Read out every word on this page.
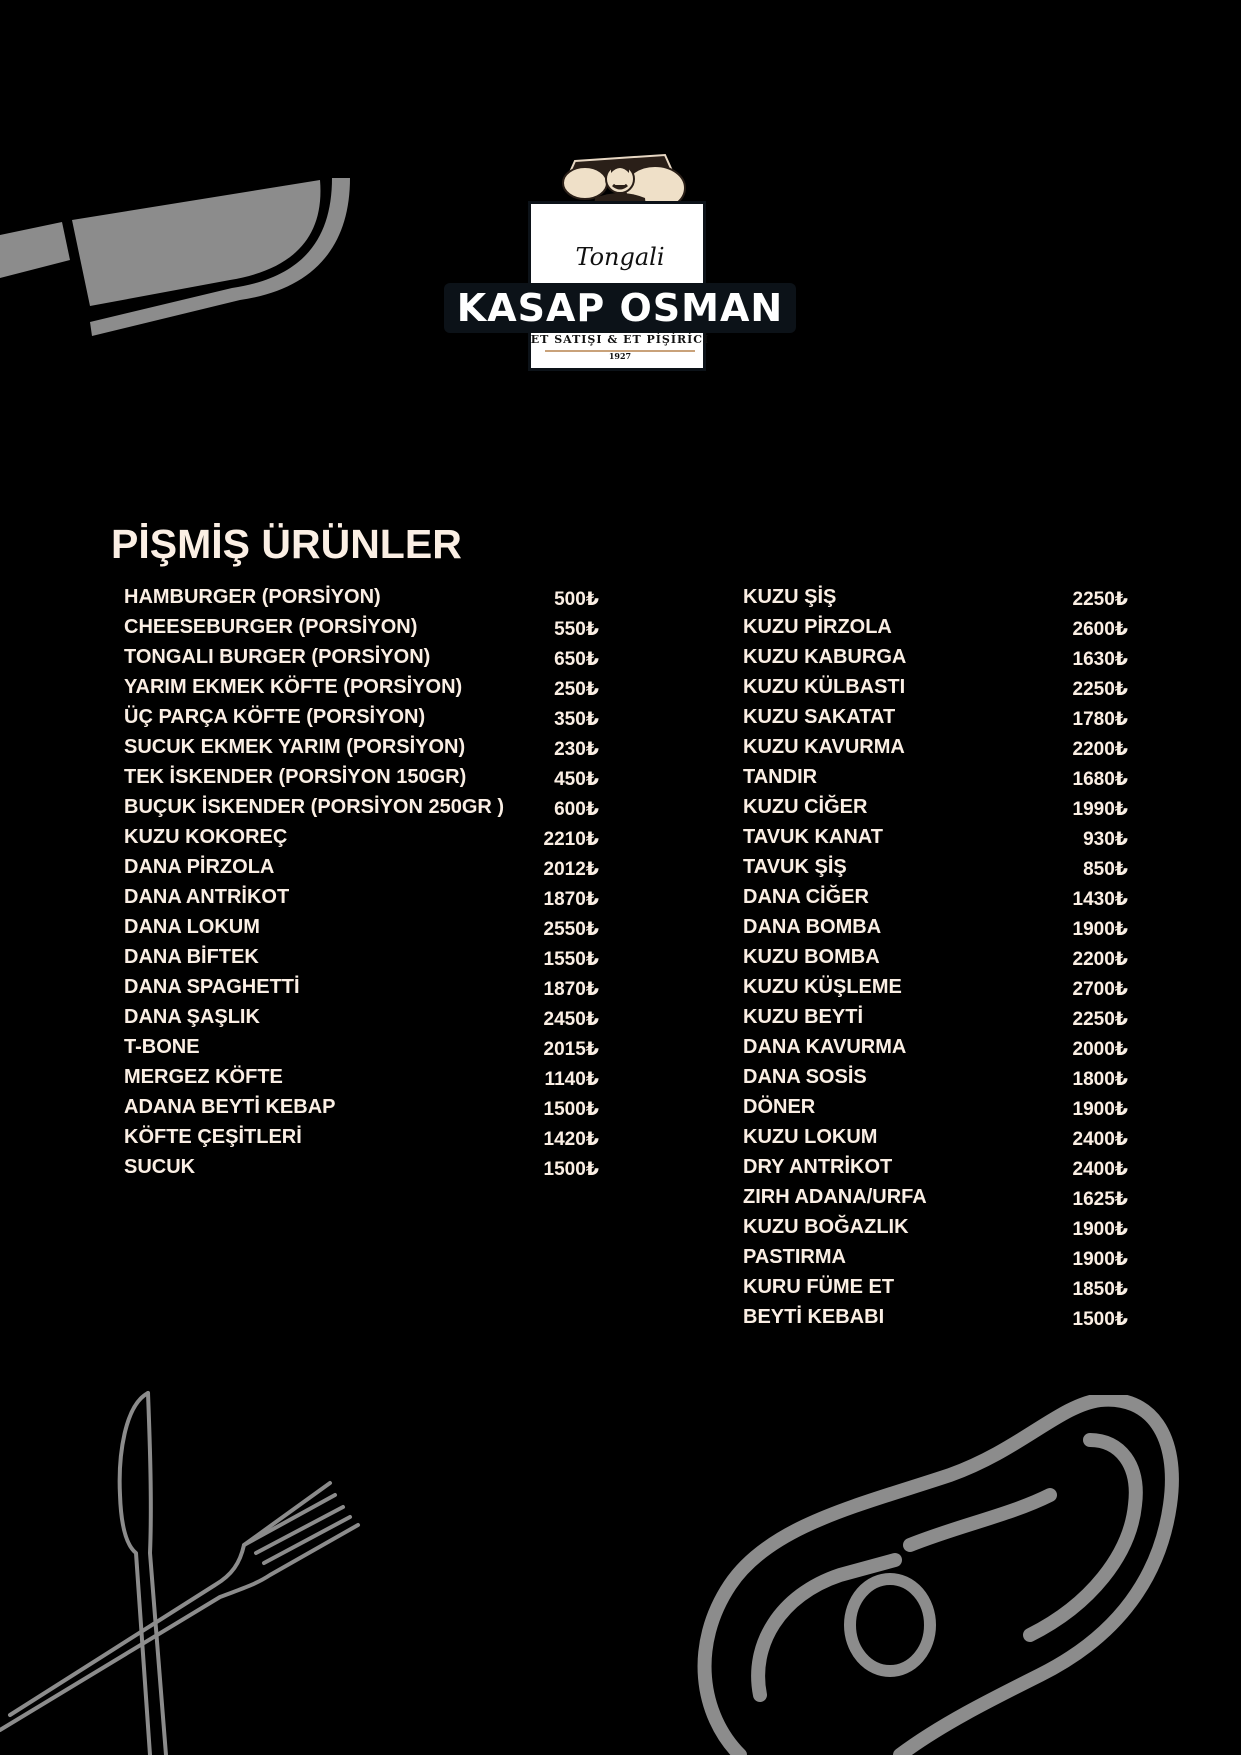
Tongali
KASAP OSMAN
ET SATIŞI & ET PİŞİRİCİ
1927
PİŞMİŞ ÜRÜNLER
HAMBURGER (PORSİYON)	500₺
CHEESEBURGER (PORSİYON)	550₺
TONGALI BURGER (PORSİYON)	650₺
YARIM EKMEK KÖFTE (PORSİYON)	250₺
ÜÇ PARÇA KÖFTE (PORSİYON)	350₺
SUCUK EKMEK YARIM (PORSİYON)	230₺
TEK İSKENDER (PORSİYON 150GR)	450₺
BUÇUK İSKENDER (PORSİYON 250GR )	600₺
KUZU KOKOREÇ	2210₺
DANA PİRZOLA	2012₺
DANA ANTRİKOT	1870₺
DANA LOKUM	2550₺
DANA BİFTEK	1550₺
DANA SPAGHETTİ	1870₺
DANA ŞAŞLIK	2450₺
T-BONE	2015₺
MERGEZ KÖFTE	1140₺
ADANA BEYTİ KEBAP	1500₺
KÖFTE ÇEŞİTLERİ	1420₺
SUCUK	1500₺
KUZU ŞİŞ	2250₺
KUZU PİRZOLA	2600₺
KUZU KABURGA	1630₺
KUZU KÜLBASTI	2250₺
KUZU SAKATAT	1780₺
KUZU KAVURMA	2200₺
TANDIR	1680₺
KUZU CİĞER	1990₺
TAVUK KANAT	930₺
TAVUK ŞİŞ	850₺
DANA CİĞER	1430₺
DANA BOMBA	1900₺
KUZU BOMBA	2200₺
KUZU KÜŞLEME	2700₺
KUZU BEYTİ	2250₺
DANA KAVURMA	2000₺
DANA SOSİS	1800₺
DÖNER	1900₺
KUZU LOKUM	2400₺
DRY ANTRİKOT	2400₺
ZIRH ADANA/URFA	1625₺
KUZU BOĞAZLIK	1900₺
PASTIRMA	1900₺
KURU FÜME ET	1850₺
BEYTİ KEBABI	1500₺
